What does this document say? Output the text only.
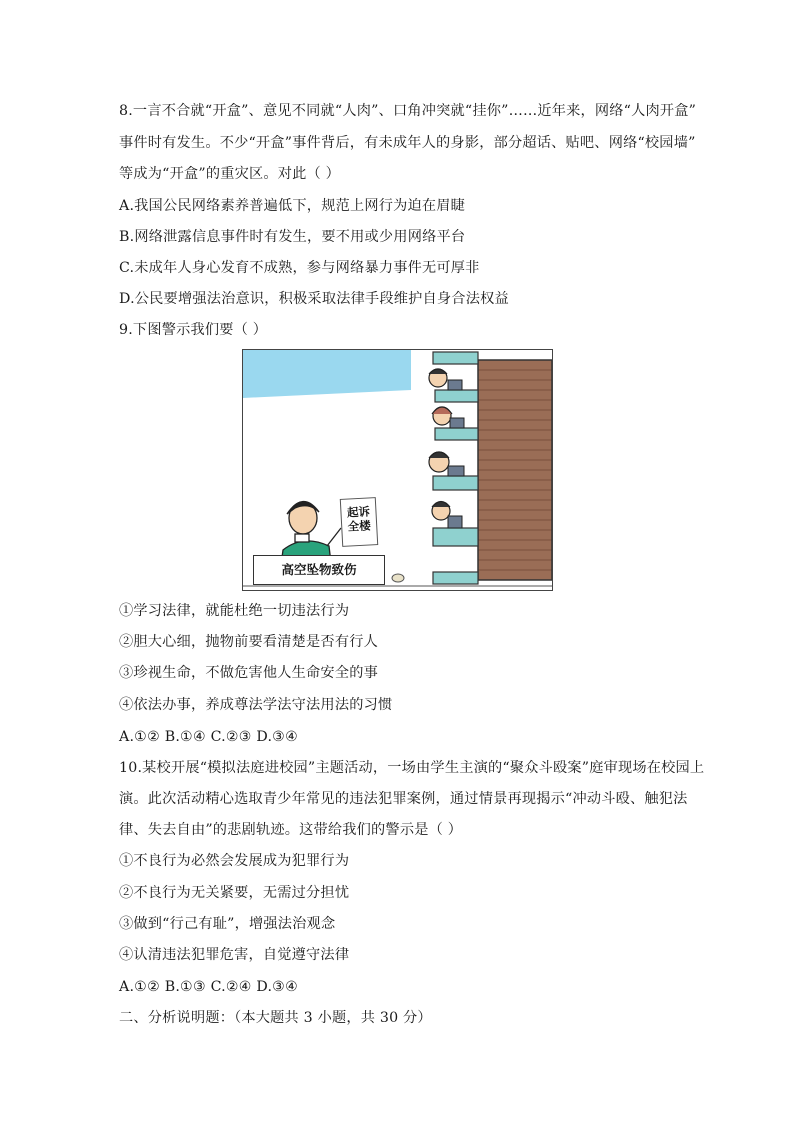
8.一言不合就“开盒”、意见不同就“人肉”、口角冲突就“挂你”……近年来，网络“人肉开盒”
事件时有发生。不少“开盒”事件背后，有未成年人的身影，部分超话、贴吧、网络“校园墙”
等成为“开盒”的重灾区。对此（ ）
A.我国公民网络素养普遍低下，规范上网行为迫在眉睫
B.网络泄露信息事件时有发生，要不用或少用网络平台
C.未成年人身心发育不成熟，参与网络暴力事件无可厚非
D.公民要增强法治意识，积极采取法律手段维护自身合法权益
9.下图警示我们要（ ）
起诉
全楼
高空坠物致伤
①学习法律，就能杜绝一切违法行为
②胆大心细，抛物前要看清楚是否有行人
③珍视生命，不做危害他人生命安全的事
④依法办事，养成尊法学法守法用法的习惯
A.①② B.①④ C.②③ D.③④
10.某校开展“模拟法庭进校园”主题活动，一场由学生主演的“聚众斗殴案”庭审现场在校园上
演。此次活动精心选取青少年常见的违法犯罪案例，通过情景再现揭示“冲动斗殴、触犯法
律、失去自由”的悲剧轨迹。这带给我们的警示是（ ）
①不良行为必然会发展成为犯罪行为
②不良行为无关紧要，无需过分担忧
③做到“行己有耻”，增强法治观念
④认清违法犯罪危害，自觉遵守法律
A.①② B.①③ C.②④ D.③④
二、分析说明题：（本大题共 3 小题，共 30 分）
